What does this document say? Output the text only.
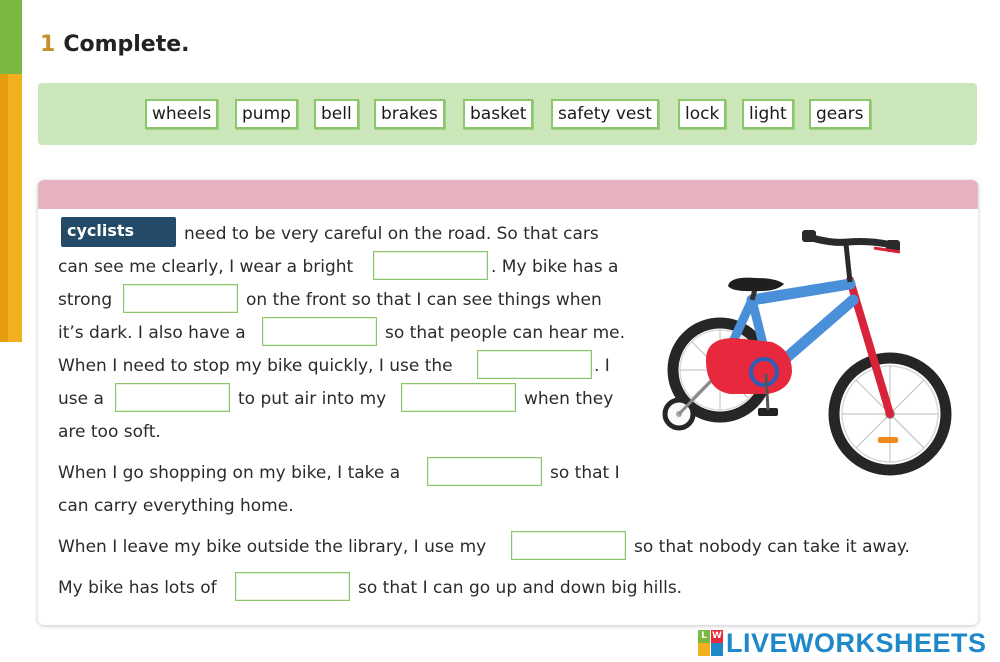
1 Complete.
wheels	pump	bell	brakes	basket	safety vest	lock	light	gears
cyclists	need to be very careful on the road. So that cars
can see me clearly, I wear a bright	. My bike has a
strong	on the front so that I can see things when
it’s dark. I also have a	so that people can hear me.
When I need to stop my bike quickly, I use the	. I
use a	to put air into my	when they
are too soft.
When I go shopping on my bike, I take a	so that I
can carry everything home.
When I leave my bike outside the library, I use my	so that nobody can take it away.
My bike has lots of	so that I can go up and down big hills.
L W LIVEWORKSHEETS
